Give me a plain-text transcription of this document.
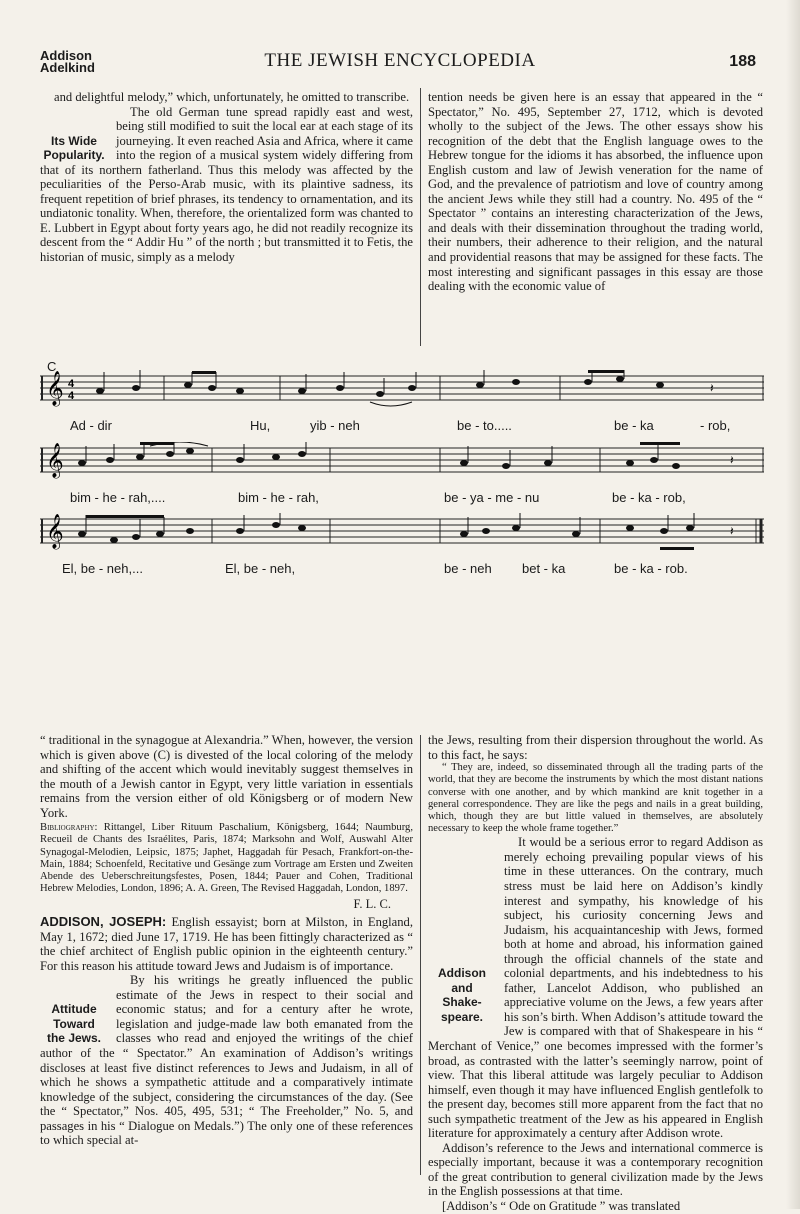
Addison
Adelkind	THE JEWISH ENCYCLOPEDIA	188

and delightful melody,” which, unfortunately, he omitted to transcribe.

Its Wide
Popularity.
The old German tune spread rapidly east and west, being still modified to suit the local ear at each stage of its journeying. It even reached Asia and Africa, where it came into the region of a musical system widely differing from that of its northern fatherland. Thus this melody was affected by the peculiarities of the Perso-Arab music, with its plaintive sadness, its frequent repetition of brief phrases, its tendency to ornamentation, and its undiatonic tonality. When, therefore, the orientalized form was chanted to E. Lubbert in Egypt about forty years ago, he did not readily recognize its descent from the “ Addir Hu ” of the north ; but transmitted it to Fetis, the historian of music, simply as a melody

tention needs be given here is an essay that appeared in the “ Spectator,” No. 495, September 27, 1712, which is devoted wholly to the subject of the Jews. The other essays show his recognition of the debt that the English language owes to the Hebrew tongue for the idioms it has absorbed, the influence upon English custom and law of Jewish veneration for the name of God, and the prevalence of patriotism and love of country among the ancient Jews while they still had a country. No. 495 of the “ Spectator ” contains an interesting characterization of the Jews, and deals with their dissemination throughout the trading world, their numbers, their adherence to their religion, and the natural and providential reasons that may be assigned for these facts. The most interesting and significant passages in this essay are those dealing with the economic value of

C
𝄞 4
4
𝄽
Ad - dir	Hu,	yib - neh	be - to.....	be - ka	- rob,
𝄞	𝄽
bim - he - rah,....	bim - he - rah,	be - ya - me - nu	be - ka - rob,
𝄞	𝄽
El, be - neh,...	El, be - neh,	be - neh bet - ka	be - ka - rob.

“ traditional in the synagogue at Alexandria.” When, however, the version which is given above (C) is divested of the local coloring of the melody and shifting of the accent which would inevitably suggest themselves in the mouth of a Jewish cantor in Egypt, very little variation in essentials remains from the version either of old Königsberg or of modern New York.

Bibliography: Rittangel, Liber Rituum Paschalium, Königsberg, 1644; Naumburg, Recueil de Chants des Israélites, Paris, 1874; Marksohn and Wolf, Auswahl Alter Synagogal-Melodien, Leipsic, 1875; Japhet, Haggadah für Pesach, Frankfort-on-the-Main, 1884; Schoenfeld, Recitative und Gesänge zum Vortrage am Ersten und Zweiten Abende des Ueberschreitungsfestes, Posen, 1844; Pauer and Cohen, Traditional Hebrew Melodies, London, 1896; A. A. Green, The Revised Haggadah, London, 1897.

F. L. C.

ADDISON, JOSEPH: English essayist; born at Milston, in England, May 1, 1672; died June 17, 1719. He has been fittingly characterized as “ the chief architect of English public opinion in the eighteenth century.” For this reason his attitude toward Jews and Judaism is of importance.

Attitude
Toward
the Jews.
By his writings he greatly influenced the public estimate of the Jews in respect to their social and economic status; and for a century after he wrote, legislation and judge-made law both emanated from the classes who read and enjoyed the writings of the chief author of the “ Spectator.” An examination of Addison’s writings discloses at least five distinct references to Jews and Judaism, in all of which he shows a sympathetic attitude and a comparatively intimate knowledge of the subject, considering the circumstances of the day. (See the “ Spectator,” Nos. 405, 495, 531; “ The Freeholder,” No. 5, and passages in his “ Dialogue on Medals.”) The only one of these references to which special at-

the Jews, resulting from their dispersion throughout the world. As to this fact, he says:

“ They are, indeed, so disseminated through all the trading parts of the world, that they are become the instruments by which the most distant nations converse with one another, and by which mankind are knit together in a general correspondence. They are like the pegs and nails in a great building, which, though they are but little valued in themselves, are absolutely necessary to keep the whole frame together.”

Addison
and
Shake-
speare.
It would be a serious error to regard Addison as merely echoing prevailing popular views of his time in these utterances. On the contrary, much stress must be laid here on Addison’s kindly interest and sympathy, his knowledge of his subject, his curiosity concerning Jews and Judaism, his acquaintanceship with Jews, formed both at home and abroad, his information gained through the official channels of the state and colonial departments, and his indebtedness to his father, Lancelot Addison, who published an appreciative volume on the Jews, a few years after his son’s birth. When Addison’s attitude toward the Jew is compared with that of Shakespeare in his “ Merchant of Venice,” one becomes impressed with the former’s broad, as contrasted with the latter’s seemingly narrow, point of view. That this liberal attitude was largely peculiar to Addison himself, even though it may have influenced English gentlefolk to the present day, becomes still more apparent from the fact that no such sympathetic treatment of the Jew as his appeared in English literature for approximately a century after Addison wrote.

Addison’s reference to the Jews and international commerce is especially important, because it was a contemporary recognition of the great contribution to general civilization made by the Jews in the English possessions at that time.

[Addison’s “ Ode on Gratitude ” was translated
